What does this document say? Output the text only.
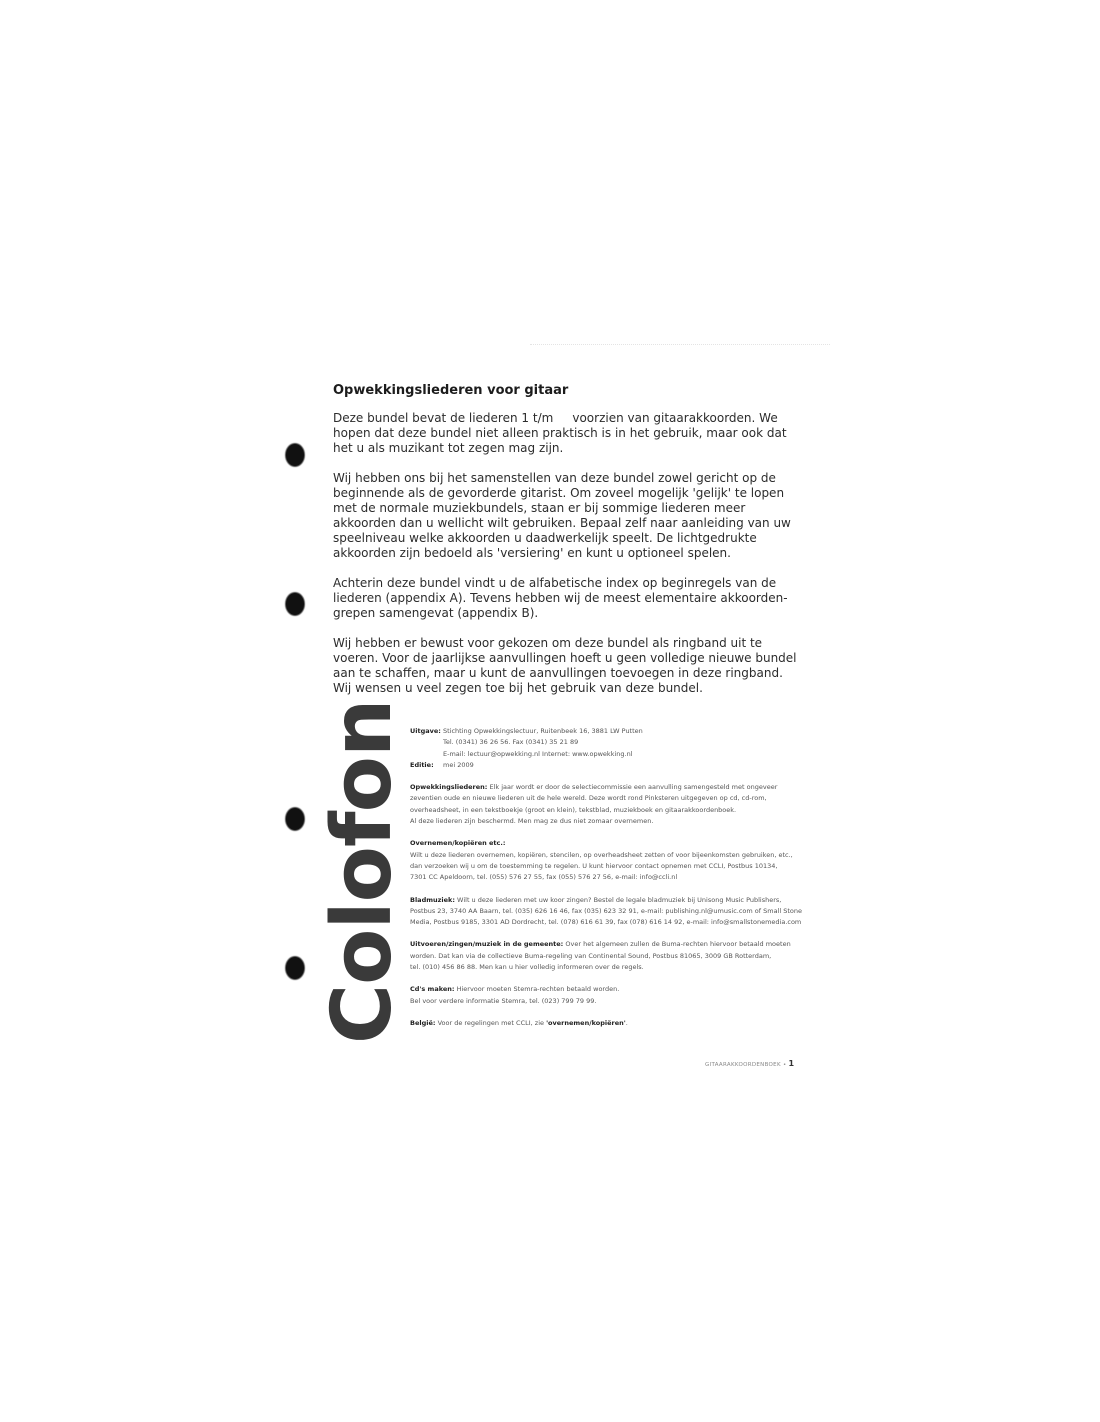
Opwekkingsliederen voor gitaar

Deze bundel bevat de liederen 1 t/m     voorzien van gitaarakkoorden. We hopen dat deze bundel niet alleen praktisch is in het gebruik, maar ook dat het u als muzikant tot zegen mag zijn.

Wij hebben ons bij het samenstellen van deze bundel zowel gericht op de beginnende als de gevorderde gitarist. Om zoveel mogelijk 'gelijk' te lopen met de normale muziekbundels, staan er bij sommige liederen meer akkoorden dan u wellicht wilt gebruiken. Bepaal zelf naar aanleiding van uw speelniveau welke akkoorden u daadwerkelijk speelt. De lichtgedrukte akkoorden zijn bedoeld als 'versiering' en kunt u optioneel spelen.

Achterin deze bundel vindt u de alfabetische index op beginregels van de liederen (appendix A). Tevens hebben wij de meest elementaire akkoorden-grepen samengevat (appendix B).

Wij hebben er bewust voor gekozen om deze bundel als ringband uit te voeren. Voor de jaarlijkse aanvullingen hoeft u geen volledige nieuwe bundel aan te schaffen, maar u kunt de aanvullingen toevoegen in deze ringband. Wij wensen u veel zegen toe bij het gebruik van deze bundel.

Colofon Uitgave: Stichting Opwekkingslectuur, Ruitenbeek 16, 3881 LW Putten
Tel. (0341) 36 26 56. Fax (0341) 35 21 89
E-mail: lectuur@opwekking.nl Internet: www.opwekking.nl
Editie:	mei 2009
Opwekkingsliederen: Elk jaar wordt er door de selectiecommissie een aanvulling samengesteld met ongeveer
zeventien oude en nieuwe liederen uit de hele wereld. Deze wordt rond Pinksteren uitgegeven op cd, cd-rom,
overheadsheet, in een tekstboekje (groot en klein), tekstblad, muziekboek en gitaarakkoordenboek.
Al deze liederen zijn beschermd. Men mag ze dus niet zomaar overnemen.
Overnemen/kopiëren etc.:
Wilt u deze liederen overnemen, kopiëren, stencilen, op overheadsheet zetten of voor bijeenkomsten gebruiken, etc.,
dan verzoeken wij u om de toestemming te regelen. U kunt hiervoor contact opnemen met CCLI, Postbus 10134,
7301 CC Apeldoorn, tel. (055) 576 27 55, fax (055) 576 27 56, e-mail: info@ccli.nl
Bladmuziek: Wilt u deze liederen met uw koor zingen? Bestel de legale bladmuziek bij Unisong Music Publishers,
Postbus 23, 3740 AA Baarn, tel. (035) 626 16 46, fax (035) 623 32 91, e-mail: publishing.nl@umusic.com of Small Stone
Media, Postbus 9185, 3301 AD Dordrecht, tel. (078) 616 61 39, fax (078) 616 14 92, e-mail: info@smallstonemedia.com
Uitvoeren/zingen/muziek in de gemeente: Over het algemeen zullen de Buma-rechten hiervoor betaald moeten
worden. Dat kan via de collectieve Buma-regeling van Continental Sound, Postbus 81065, 3009 GB Rotterdam,
tel. (010) 456 86 88. Men kan u hier volledig informeren over de regels.
Cd's maken: Hiervoor moeten Stemra-rechten betaald worden.
Bel voor verdere informatie Stemra, tel. (023) 799 79 99.
België: Voor de regelingen met CCLI, zie 'overnemen/kopiëren'.
GITAARAKKOORDENBOEK • 1
